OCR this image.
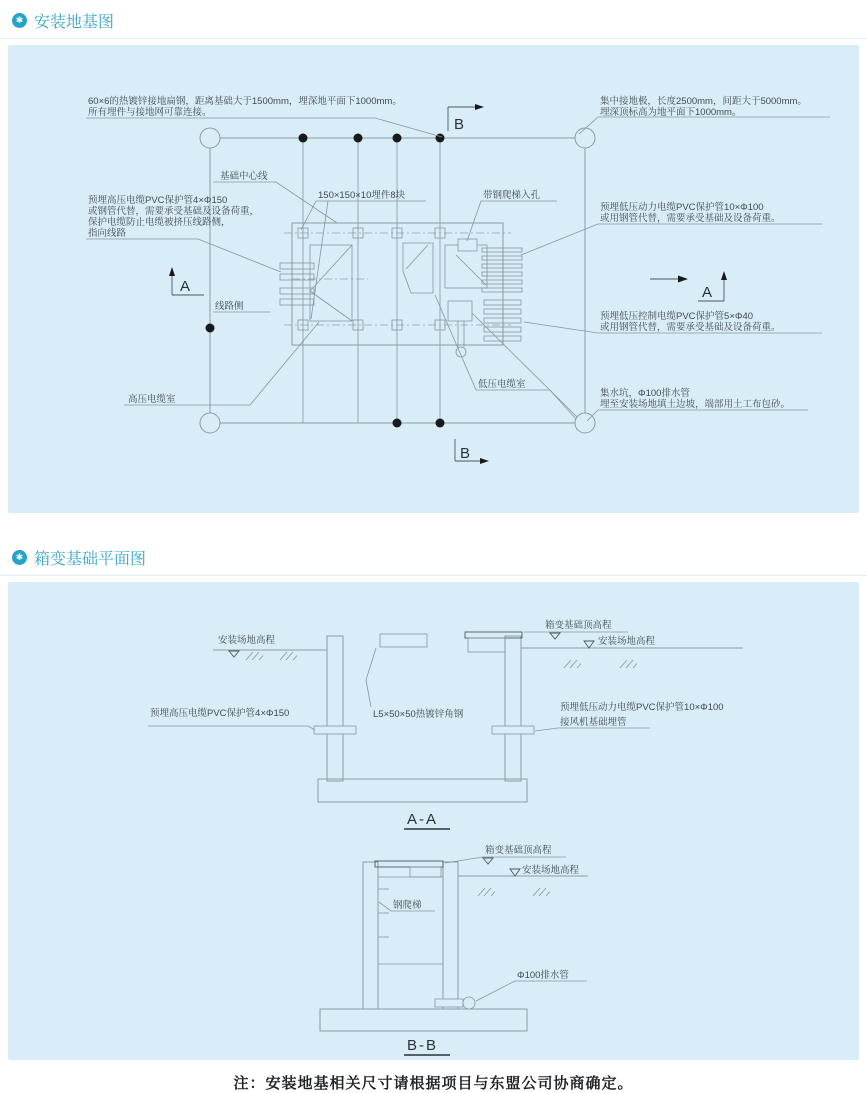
✱
安装地基图
60×6的热镀锌接地扁钢，距离基础大于1500mm，埋深地平面下1000mm。
所有埋件与接地网可靠连接。
集中接地极，长度2500mm，间距大于5000mm。
埋深顶标高为地平面下1000mm。
基础中心线
150×150×10埋件8块	带钢爬梯入孔
预埋高压电缆PVC保护管4×Φ150
或钢管代替，需要承受基础及设备荷重，
保护电缆防止电缆被挤压线路侧，
指向线路
预埋低压动力电缆PVC保护管10×Φ100
或用钢管代替，需要承受基础及设备荷重。
预埋低压控制电缆PVC保护管5×Φ40
或用钢管代替，需要承受基础及设备荷重。
集水坑，Φ100排水管
埋至安装场地填土边坡，端部用土工布包砂。
线路侧
高压电缆室
低压电缆室
A	A
B
B
✱
箱变基础平面图
安装场地高程
箱变基础顶高程
安装场地高程
预埋高压电缆PVC保护管4×Φ150	L5×50×50热镀锌角钢
预埋低压动力电缆PVC保护管10×Φ100
接风机基础埋管
A-A
箱变基础顶高程
安装场地高程
钢爬梯
Φ100排水管
B-B
注：安装地基相关尺寸请根据项目与东盟公司协商确定。
